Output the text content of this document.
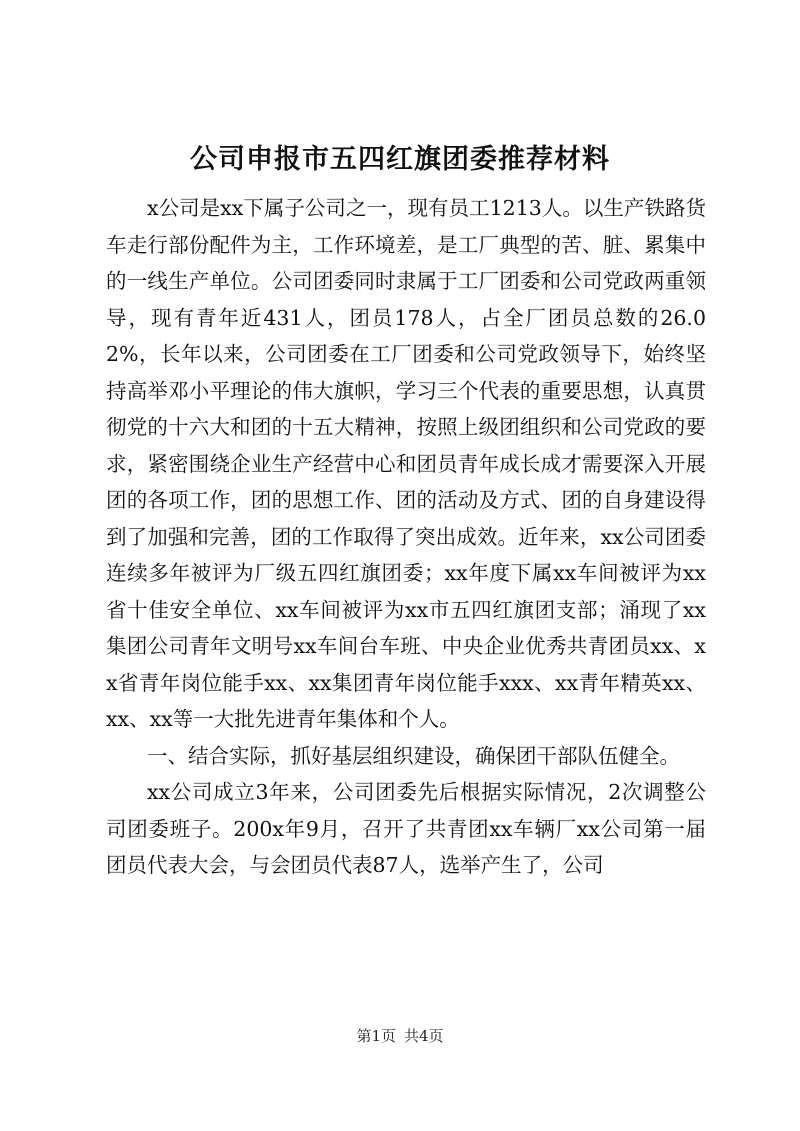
公司申报市五四红旗团委推荐材料

x公司是xx下属子公司之一，现有员工1213人。以生产铁路货车走行部份配件为主，工作环境差，是工厂典型的苦、脏、累集中的一线生产单位。公司团委同时隶属于工厂团委和公司党政两重领导，现有青年近431人，团员178人，占全厂团员总数的26.02%，长年以来，公司团委在工厂团委和公司党政领导下，始终坚持高举邓小平理论的伟大旗帜，学习三个代表的重要思想，认真贯彻党的十六大和团的十五大精神，按照上级团组织和公司党政的要求，紧密围绕企业生产经营中心和团员青年成长成才需要深入开展团的各项工作，团的思想工作、团的活动及方式、团的自身建设得到了加强和完善，团的工作取得了突出成效。近年来，xx公司团委连续多年被评为厂级五四红旗团委；xx年度下属xx车间被评为xx省十佳安全单位、xx车间被评为xx市五四红旗团支部；涌现了xx集团公司青年文明号xx车间台车班、中央企业优秀共青团员xx、xx省青年岗位能手xx、xx集团青年岗位能手xxx、xx青年精英xx、xx、xx等一大批先进青年集体和个人。

一、结合实际，抓好基层组织建设，确保团干部队伍健全。

xx公司成立3年来，公司团委先后根据实际情况，2次调整公司团委班子。200x年9月，召开了共青团xx车辆厂xx公司第一届团员代表大会，与会团员代表87人，选举产生了，公司

第1页 共4页
